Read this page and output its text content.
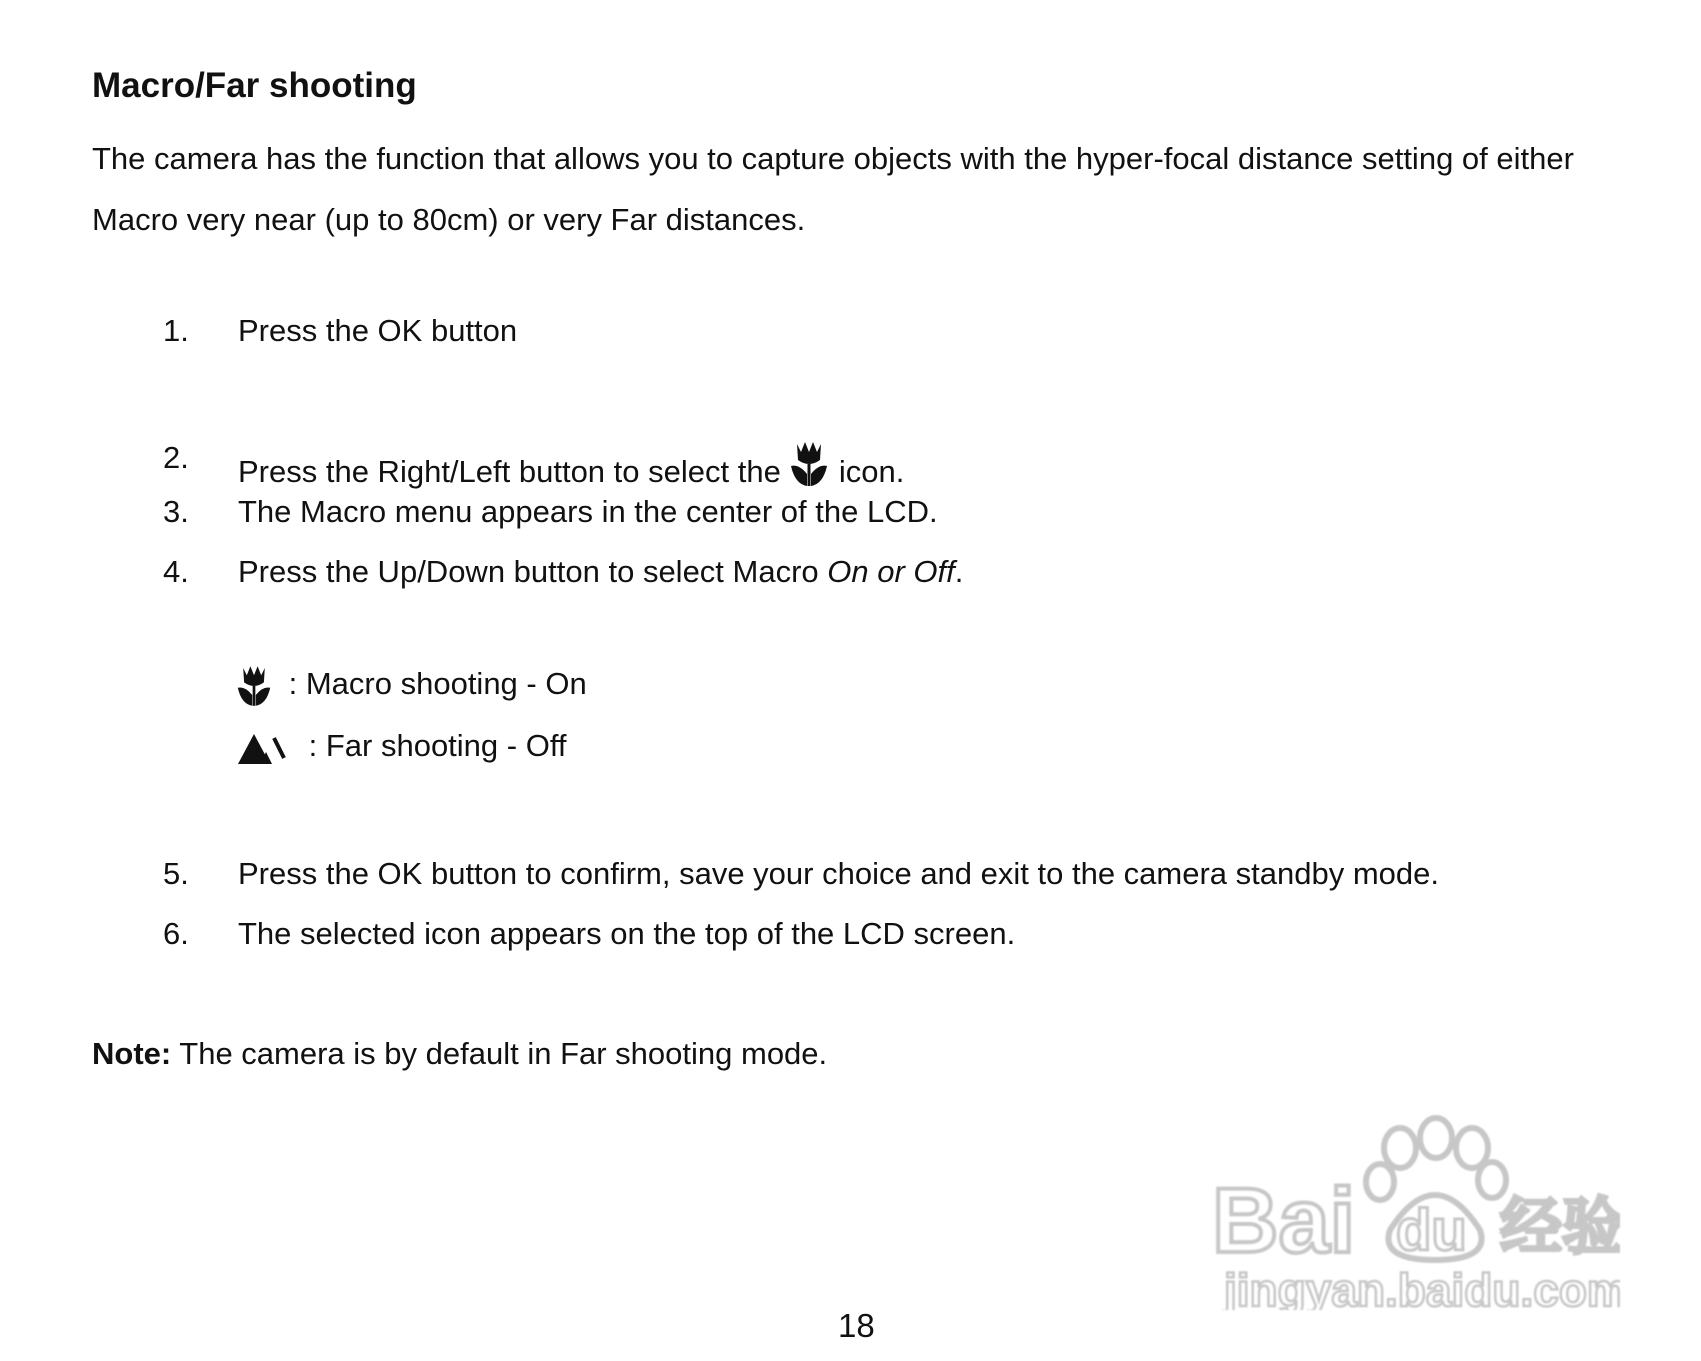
Macro/Far shooting

The camera has the function that allows you to capture objects with the hyper-focal distance setting of either
Macro very near (up to 80cm) or very Far distances.

1. Press the OK button
2. Press the Right/Left button to select the icon.
3. The Macro menu appears in the center of the LCD.
4. Press the Up/Down button to select Macro On or Off.
: Macro shooting - On
: Far shooting - Off
5. Press the OK button to confirm, save your choice and exit to the camera standby mode.
6. The selected icon appears on the top of the LCD screen.
Note: The camera is by default in Far shooting mode.
Bai du 经验
jingyan.baidu.com
18
